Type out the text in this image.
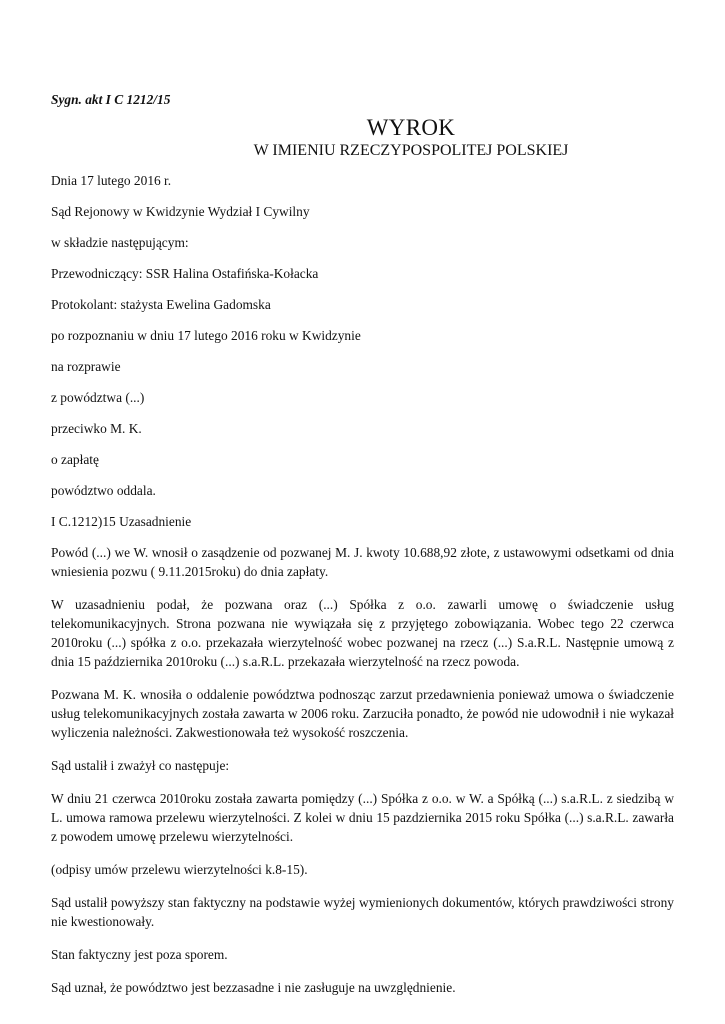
Sygn. akt I C 1212/15

WYROK
W IMIENIU RZECZYPOSPOLITEJ POLSKIEJ

Dnia 17 lutego 2016 r.

Sąd Rejonowy w Kwidzynie Wydział I Cywilny

w składzie następującym:

Przewodniczący: SSR Halina Ostafińska-Kołacka

Protokolant: stażysta Ewelina Gadomska

po rozpoznaniu w dniu 17 lutego 2016 roku w Kwidzynie

na rozprawie

z powództwa (...)

przeciwko M. K.

o zapłatę

powództwo oddala.

I C.1212)15 Uzasadnienie

Powód (...) we W. wnosił o zasądzenie od pozwanej M. J. kwoty 10.688,92 złote, z ustawowymi odsetkami od dnia wniesienia pozwu ( 9.11.2015roku) do dnia zapłaty.

W uzasadnieniu podał, że pozwana oraz (...) Spółka z o.o. zawarli umowę o świadczenie usług telekomunikacyjnych. Strona pozwana nie wywiązała się z przyjętego zobowiązania. Wobec tego 22 czerwca 2010roku (...) spółka z o.o. przekazała wierzytelność wobec pozwanej na rzecz (...) S.a.R.L. Następnie umową z dnia 15 października 2010roku (...) s.a.R.L. przekazała wierzytelność na rzecz powoda.

Pozwana M. K. wnosiła o oddalenie powództwa podnosząc zarzut przedawnienia ponieważ umowa o świadczenie usług telekomunikacyjnych została zawarta w 2006 roku. Zarzuciła ponadto, że powód nie udowodnił i nie wykazał wyliczenia należności. Zakwestionowała też wysokość roszczenia.

Sąd ustalił i zważył co następuje:

W dniu 21 czerwca 2010roku została zawarta pomiędzy (...) Spółka z o.o. w W. a Spółką (...) s.a.R.L. z siedzibą w L. umowa ramowa przelewu wierzytelności. Z kolei w dniu 15 pazdziernika 2015 roku Spółka (...) s.a.R.L. zawarła z powodem umowę przelewu wierzytelności.

(odpisy umów przelewu wierzytelności k.8-15).

Sąd ustalił powyższy stan faktyczny na podstawie wyżej wymienionych dokumentów, których prawdziwości strony nie kwestionowały.

Stan faktyczny jest poza sporem.

Sąd uznał, że powództwo jest bezzasadne i nie zasługuje na uwzględnienie.
